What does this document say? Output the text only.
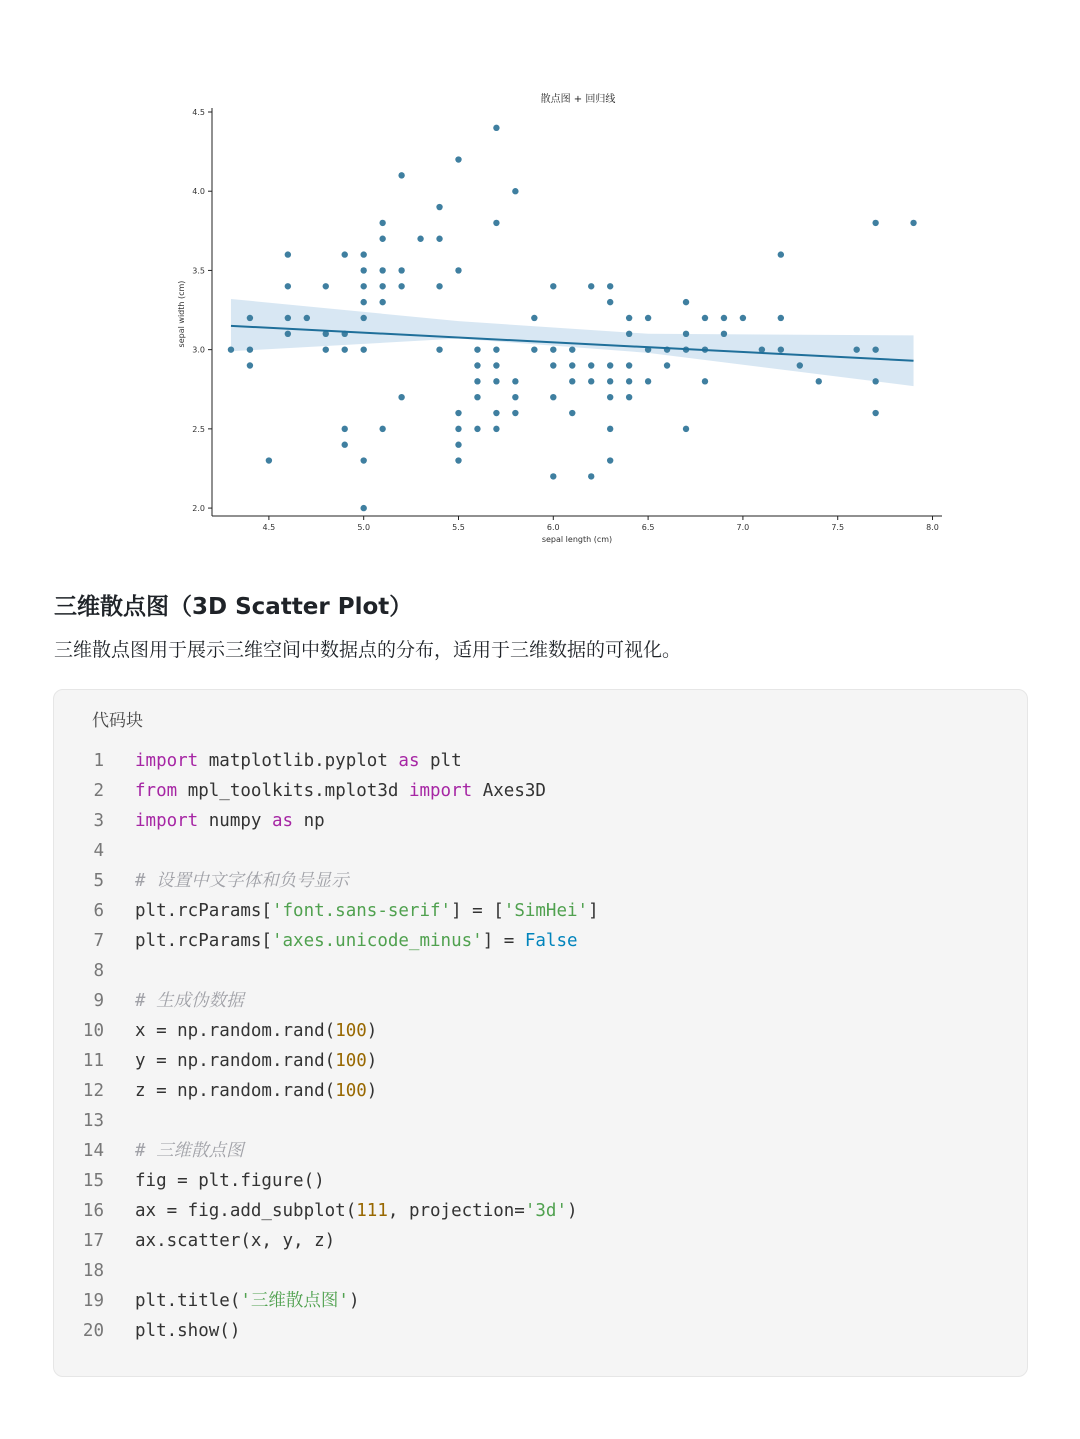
4.5	5.0	5.5	6.0	6.5	7.0	7.5	8.0
2.0
2.5
3.0
3.5
4.0
4.5
散点图 + 回归线
sepal length (cm)
sepal width (cm)
三维散点图（3D Scatter Plot）

三维散点图用于展示三维空间中数据点的分布，适用于三维数据的可视化。

代码块
1 import matplotlib.pyplot as plt
2 from mpl_toolkits.mplot3d import Axes3D
3 import numpy as np
4
5 # 设置中文字体和负号显示
6 plt.rcParams['font.sans-serif'] = ['SimHei']
7 plt.rcParams['axes.unicode_minus'] = False
8
9 # 生成伪数据
10 x = np.random.rand(100)
11 y = np.random.rand(100)
12 z = np.random.rand(100)
13
14 # 三维散点图
15 fig = plt.figure()
16 ax = fig.add_subplot(111, projection='3d')
17 ax.scatter(x, y, z)
18
19 plt.title('三维散点图')
20 plt.show()
